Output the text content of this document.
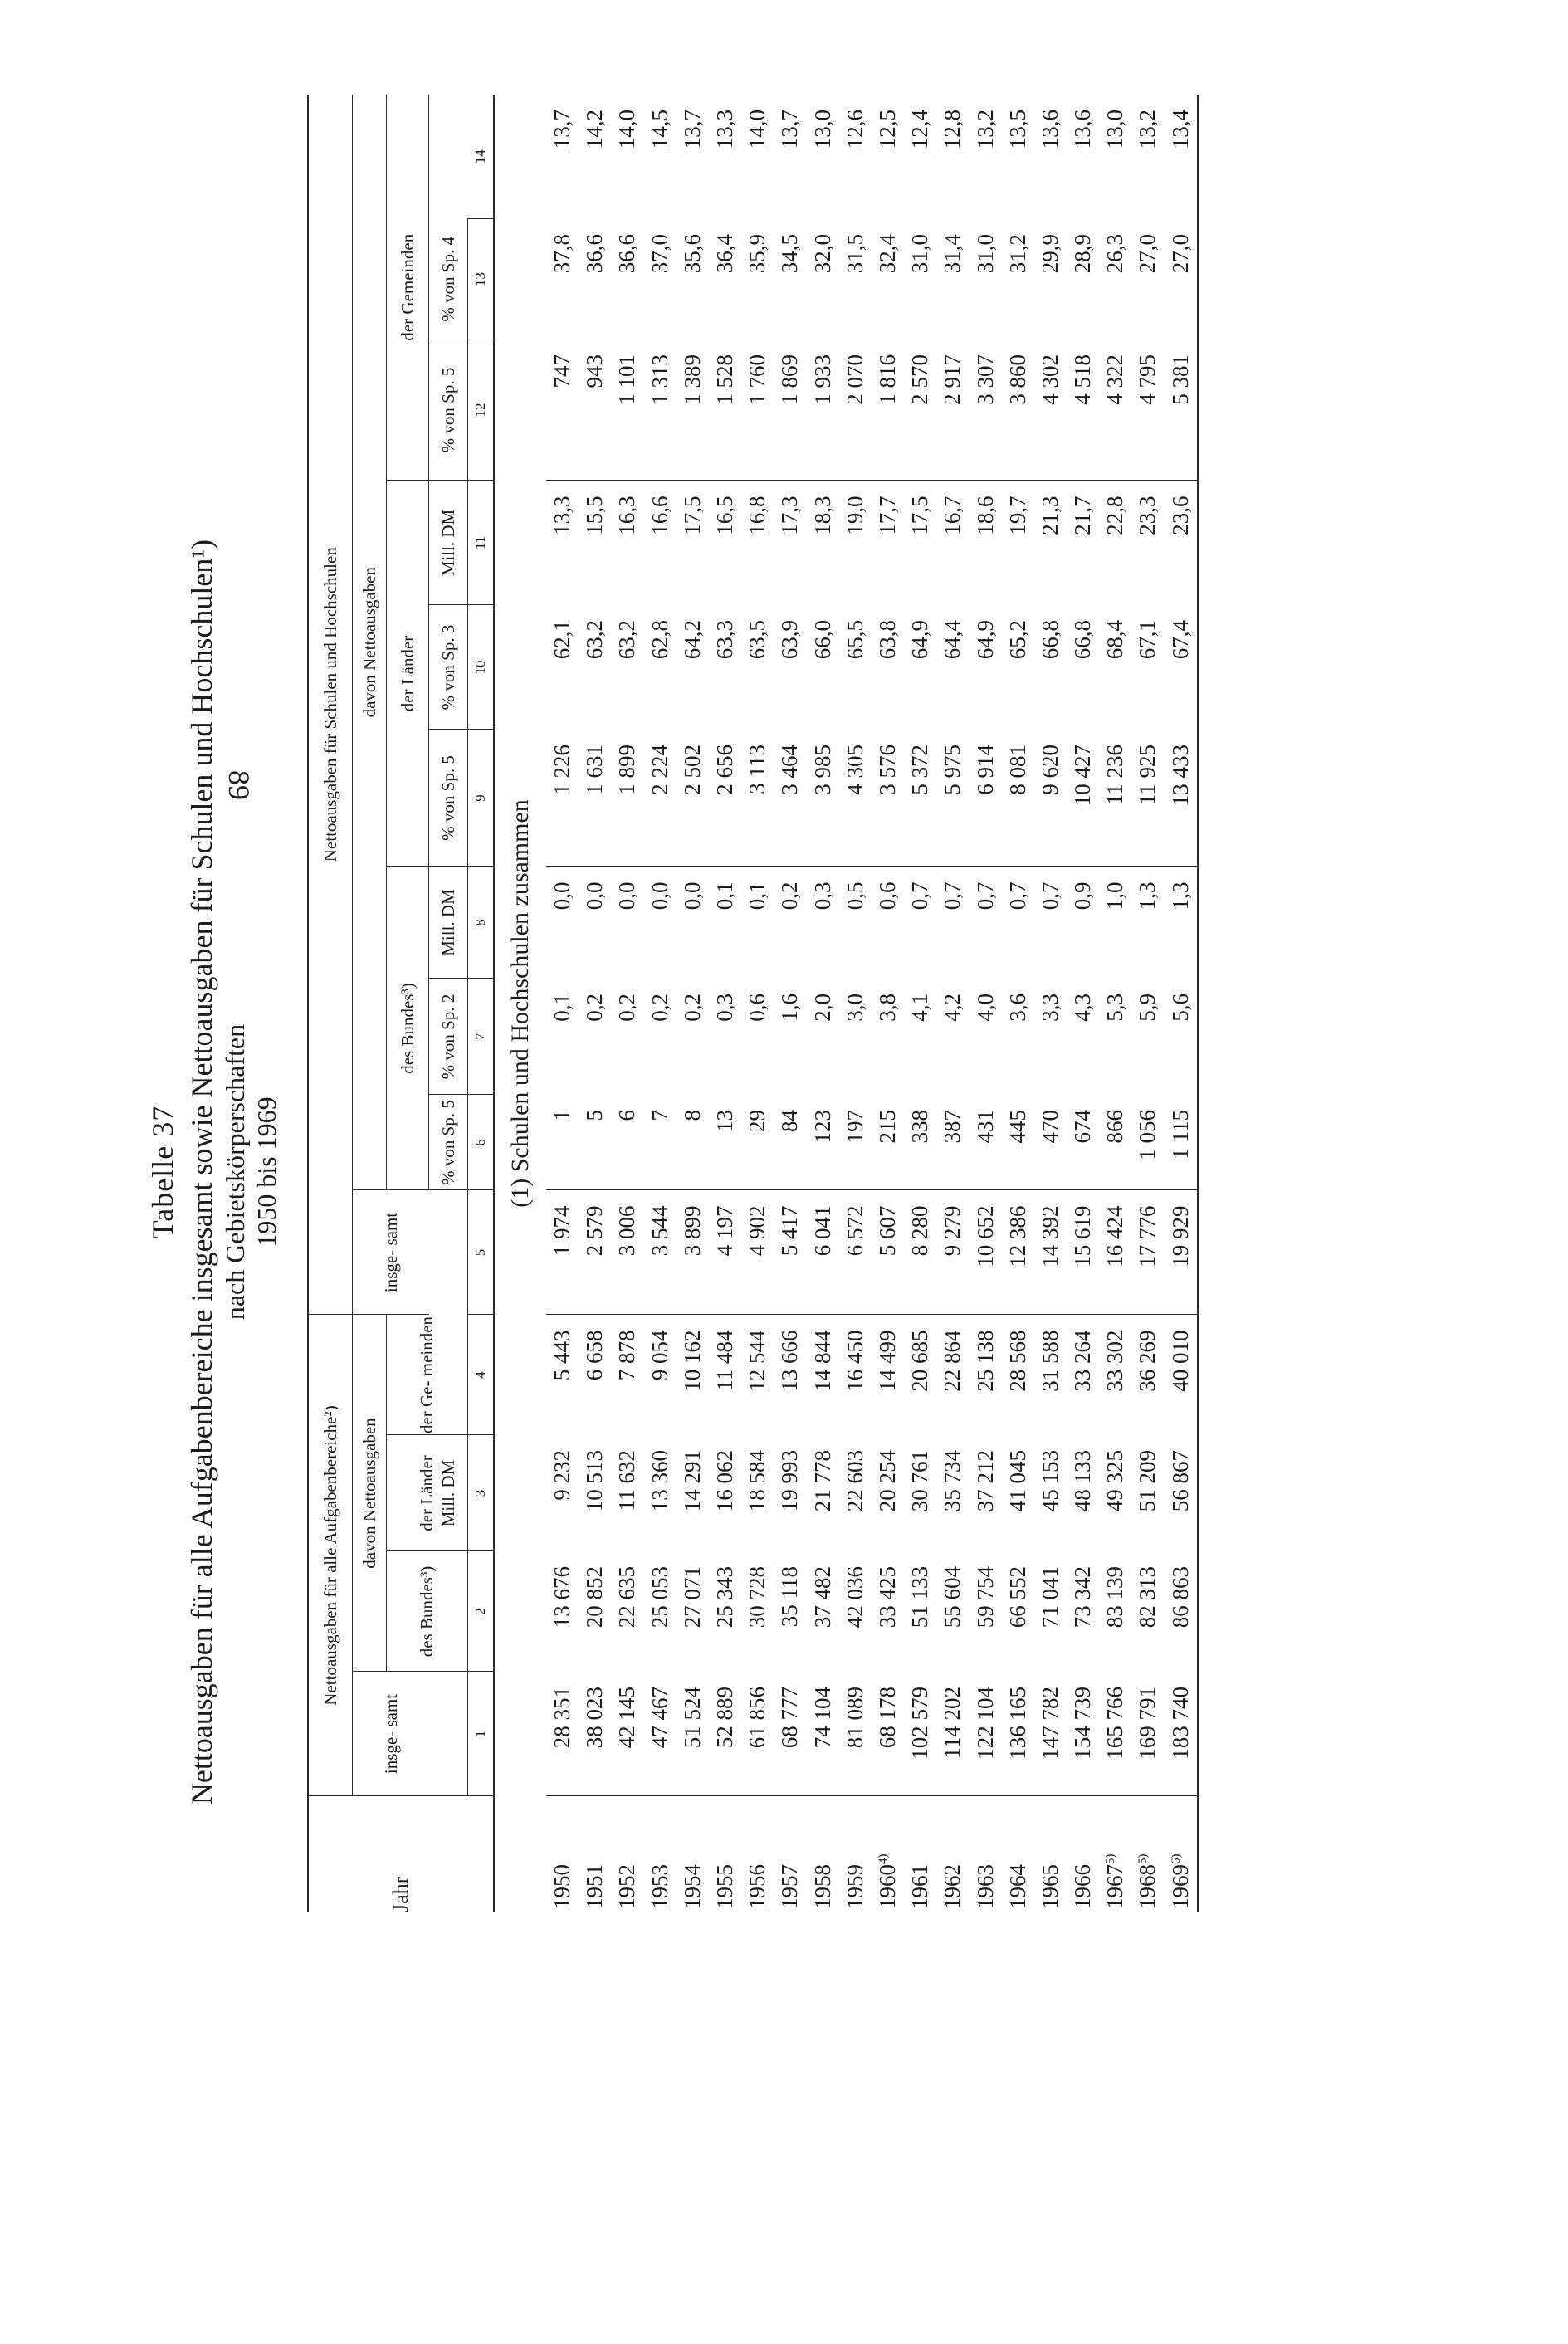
Tabelle 37 Nettoausgaben für alle Aufgabenbereiche insgesamt sowie Nettoausgaben für Schulen und Hochschulen¹) nach Gebietskörperschaften 1950 bis 1969
Jahr	Nettoausgaben für alle Aufgabenbereiche²)				Nettoausgaben für Schulen und Hochschulen									
	insge- samt	davon Nettoausgaben			insge- samt	davon Nettoausgaben								
		des Bundes³)	der Länder	der Ge- meinden		des Bundes³)			der Länder			der Gemeinden		
	Mill. DM					% von Sp. 5	% von Sp. 2	Mill. DM	% von Sp. 5	% von Sp. 3	Mill. DM	% von Sp. 5	% von Sp. 4	
	1	2	3	4	5	6	7	8	9	10	11	12	13	14
(1) Schulen und Hochschulen zusammen														
1950	28 351	13 676	9 232	5 443	1 974	1	0,1	0,0	1 226	62,1	13,3	747	37,8	13,7
1951	38 023	20 852	10 513	6 658	2 579	5	0,2	0,0	1 631	63,2	15,5	943	36,6	14,2
1952	42 145	22 635	11 632	7 878	3 006	6	0,2	0,0	1 899	63,2	16,3	1 101	36,6	14,0
1953	47 467	25 053	13 360	9 054	3 544	7	0,2	0,0	2 224	62,8	16,6	1 313	37,0	14,5
1954	51 524	27 071	14 291	10 162	3 899	8	0,2	0,0	2 502	64,2	17,5	1 389	35,6	13,7
1955	52 889	25 343	16 062	11 484	4 197	13	0,3	0,1	2 656	63,3	16,5	1 528	36,4	13,3
1956	61 856	30 728	18 584	12 544	4 902	29	0,6	0,1	3 113	63,5	16,8	1 760	35,9	14,0
1957	68 777	35 118	19 993	13 666	5 417	84	1,6	0,2	3 464	63,9	17,3	1 869	34,5	13,7
1958	74 104	37 482	21 778	14 844	6 041	123	2,0	0,3	3 985	66,0	18,3	1 933	32,0	13,0
1959	81 089	42 036	22 603	16 450	6 572	197	3,0	0,5	4 305	65,5	19,0	2 070	31,5	12,6
1960$^{4)}$	68 178	33 425	20 254	14 499	5 607	215	3,8	0,6	3 576	63,8	17,7	1 816	32,4	12,5
1961	102 579	51 133	30 761	20 685	8 280	338	4,1	0,7	5 372	64,9	17,5	2 570	31,0	12,4
1962	114 202	55 604	35 734	22 864	9 279	387	4,2	0,7	5 975	64,4	16,7	2 917	31,4	12,8
1963	122 104	59 754	37 212	25 138	10 652	431	4,0	0,7	6 914	64,9	18,6	3 307	31,0	13,2
1964	136 165	66 552	41 045	28 568	12 386	445	3,6	0,7	8 081	65,2	19,7	3 860	31,2	13,5
1965	147 782	71 041	45 153	31 588	14 392	470	3,3	0,7	9 620	66,8	21,3	4 302	29,9	13,6
1966	154 739	73 342	48 133	33 264	15 619	674	4,3	0,9	10 427	66,8	21,7	4 518	28,9	13,6
1967$^{5)}$	165 766	83 139	49 325	33 302	16 424	866	5,3	1,0	11 236	68,4	22,8	4 322	26,3	13,0
1968$^{5)}$	169 791	82 313	51 209	36 269	17 776	1 056	5,9	1,3	11 925	67,1	23,3	4 795	27,0	13,2
1969$^{6)}$	183 740	86 863	56 867	40 010	19 929	1 115	5,6	1,3	13 433	67,4	23,6	5 381	27,0	13,4
89
